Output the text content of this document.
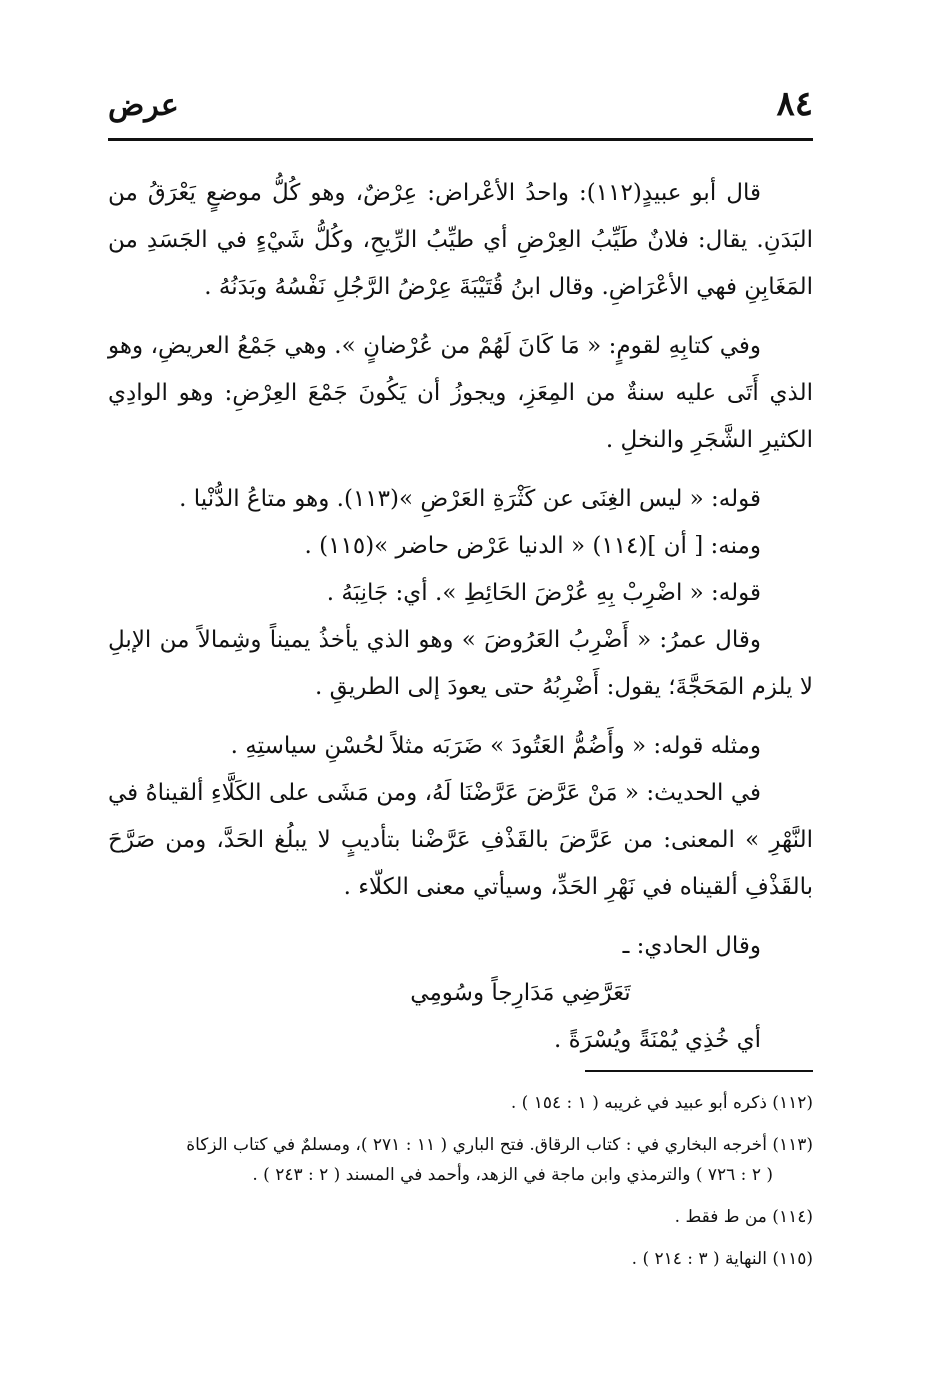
٨٤
عرض

قال أبو عبيدٍ(١١٢): واحدُ الأعْراض: عِرْضٌ، وهو كُلُّ موضعٍ يَعْرَقُ من البَدَنِ. يقال: فلانٌ طَيِّبُ العِرْضِ أي طيِّبُ الرِّيحِ، وكُلُّ شَيْءٍ في الجَسَدِ من المَغَابِنِ فهي الأعْرَاضِ. وقال ابنُ قُتَيْبَةَ عِرْضُ الرَّجُلِ نَفْسُهُ وبَدَنُهُ .

وفي كتابِهِ لقومٍ: « مَا كَانَ لَهُمْ من عُرْضانٍ ». وهي جَمْعُ العريضِ، وهو الذي أَتَى عليه سنةٌ من المِعَزِ، ويجوزُ أن يَكُونَ جَمْعَ العِرْضِ: وهو الوادِي الكثيرِ الشَّجَرِ والنخلِ .

قوله: « ليس الغِنَى عن كَثْرَةِ العَرْضِ »(١١٣). وهو متاعُ الدُّنْيا .

ومنه: [ أن ](١١٤) « الدنيا عَرْض حاضر »(١١٥) .

قوله: « اضْرِبْ بِهِ عُرْضَ الحَائِطِ ». أي: جَانِبَهُ .

وقال عمرُ: « أَضْرِبُ العَرُوضَ » وهو الذي يأخذُ يميناً وشِمالاً من الإبلِ لا يلزم المَحَجَّةَ؛ يقول: أَضْرِبُهُ حتى يعودَ إلى الطريقِ .

ومثله قوله: « وأَضُمُّ العَتُودَ » ضَرَبَه مثلاً لحُسْنِ سياستِهِ .

في الحديث: « مَنْ عَرَّضَ عَرَّضْنَا لَهُ، ومن مَشَى على الكَلَّاءِ ألقيناهُ في النَّهْرِ » المعنى: من عَرَّضَ بالقَذْفِ عَرَّضْنا بتأديبٍ لا يبلُغ الحَدَّ، ومن صَرَّحَ بالقَذْفِ ألقيناه في نَهْرِ الحَدِّ، وسيأتي معنى الكلّاء .

وقال الحادي: ـ

تَعَرَّضِي مَدَارِجاً وسُومِي

أي خُذِي يُمْنَةً ويُسْرَةً .

(١١٢) ذكره أبو عبيد في غريبه ( ١ : ١٥٤ ) .

(١١٣) أخرجه البخاري في : كتاب الرقاق. فتح الباري ( ١١ : ٢٧١ )، ومسلمٌ في كتاب الزكاة

( ٢ : ٧٢٦ ) والترمذي وابن ماجة في الزهد، وأحمد في المسند ( ٢ : ٢٤٣ ) .

(١١٤) من ط فقط .

(١١٥) النهاية ( ٣ : ٢١٤ ) .
